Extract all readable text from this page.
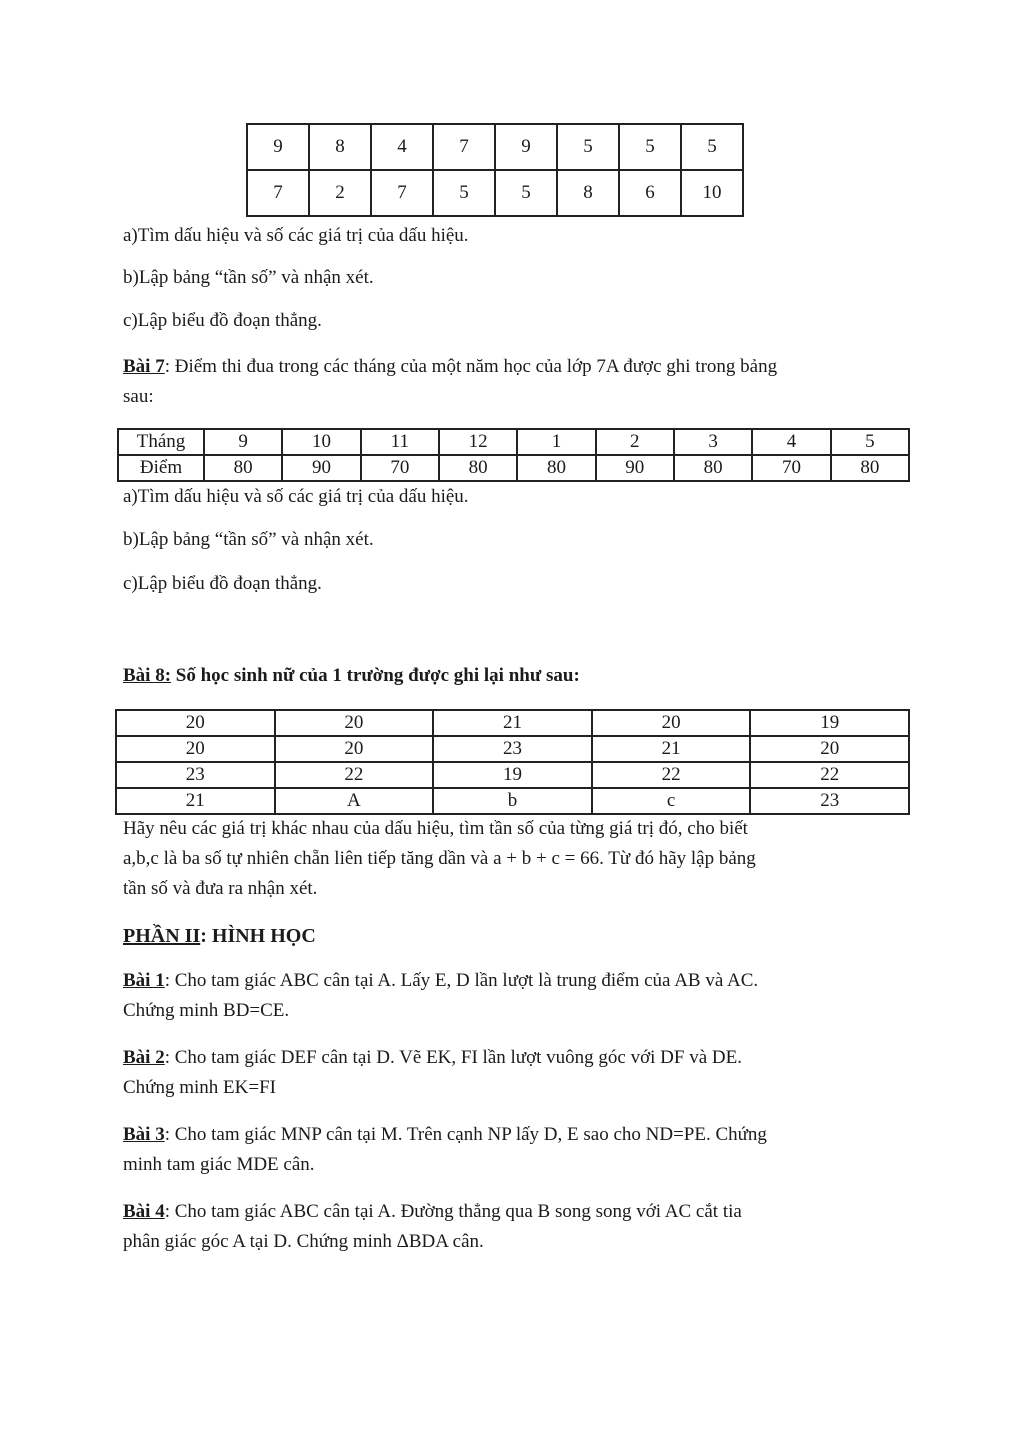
9	8	4	7	9	5	5	5
7	2	7	5	5	8	6	10
a)Tìm dấu hiệu và số các giá trị của dấu hiệu.
b)Lập bảng “tần số” và nhận xét.
c)Lập biểu đồ đoạn thẳng.
Bài 7: Điểm thi đua trong các tháng của một năm học của lớp 7A được ghi trong bảng
sau:
Tháng	9	10	11	12	1	2	3	4	5
Điểm	80	90	70	80	80	90	80	70	80
a)Tìm dấu hiệu và số các giá trị của dấu hiệu.
b)Lập bảng “tần số” và nhận xét.
c)Lập biểu đồ đoạn thẳng.
Bài 8: Số học sinh nữ của 1 trường được ghi lại như sau:
20	20	21	20	19
20	20	23	21	20
23	22	19	22	22
21	A	b	c	23
Hãy nêu các giá trị khác nhau của dấu hiệu, tìm tần số của từng giá trị đó, cho biết
a,b,c là ba số tự nhiên chẵn liên tiếp tăng dần và a + b + c = 66. Từ đó hãy lập bảng
tần số và đưa ra nhận xét.
PHẦN II: HÌNH HỌC
Bài 1: Cho tam giác ABC cân tại A. Lấy E, D lần lượt là trung điểm của AB và AC.
Chứng minh BD=CE.
Bài 2: Cho tam giác DEF cân tại D. Vẽ EK, FI lần lượt vuông góc với DF và DE.
Chứng minh EK=FI
Bài 3: Cho tam giác MNP cân tại M. Trên cạnh NP lấy D, E sao cho ND=PE. Chứng
minh tam giác MDE cân.
Bài 4: Cho tam giác ABC cân tại A. Đường thẳng qua B song song với AC cắt tia
phân giác góc A tại D. Chứng minh ΔBDA cân.
